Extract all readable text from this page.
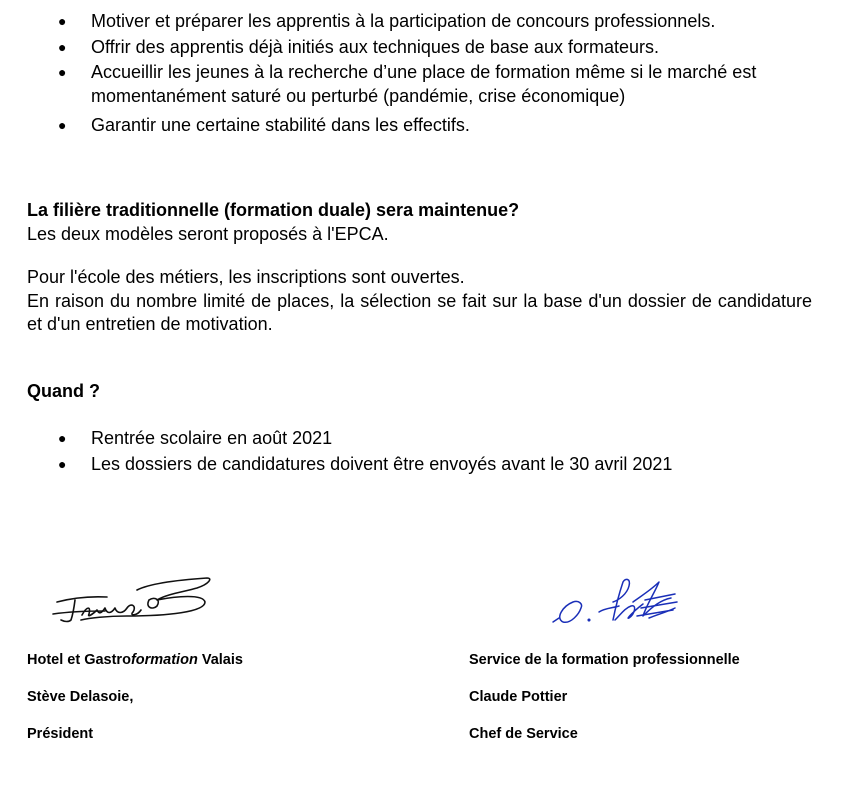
● Motiver et préparer les apprentis à la participation de concours professionnels.
● Offrir des apprentis déjà initiés aux techniques de base aux formateurs.
● Accueillir les jeunes à la recherche d’une place de formation même si le marché est momentanément saturé ou perturbé (pandémie, crise économique)
● Garantir une certaine stabilité dans les effectifs.
La filière traditionnelle (formation duale) sera maintenue?
Les deux modèles seront proposés à l'EPCA.
Pour l'école des métiers, les inscriptions sont ouvertes.
En raison du nombre limité de places, la sélection se fait sur la base d'un dossier de candidature et d'un entretien de motivation.
Quand ?
● Rentrée scolaire en août 2021
● Les dossiers de candidatures doivent être envoyés avant le 30 avril 2021
Hotel et Gastroformation Valais
Stève Delasoie,
Président
Service de la formation professionnelle
Claude Pottier
Chef de Service
